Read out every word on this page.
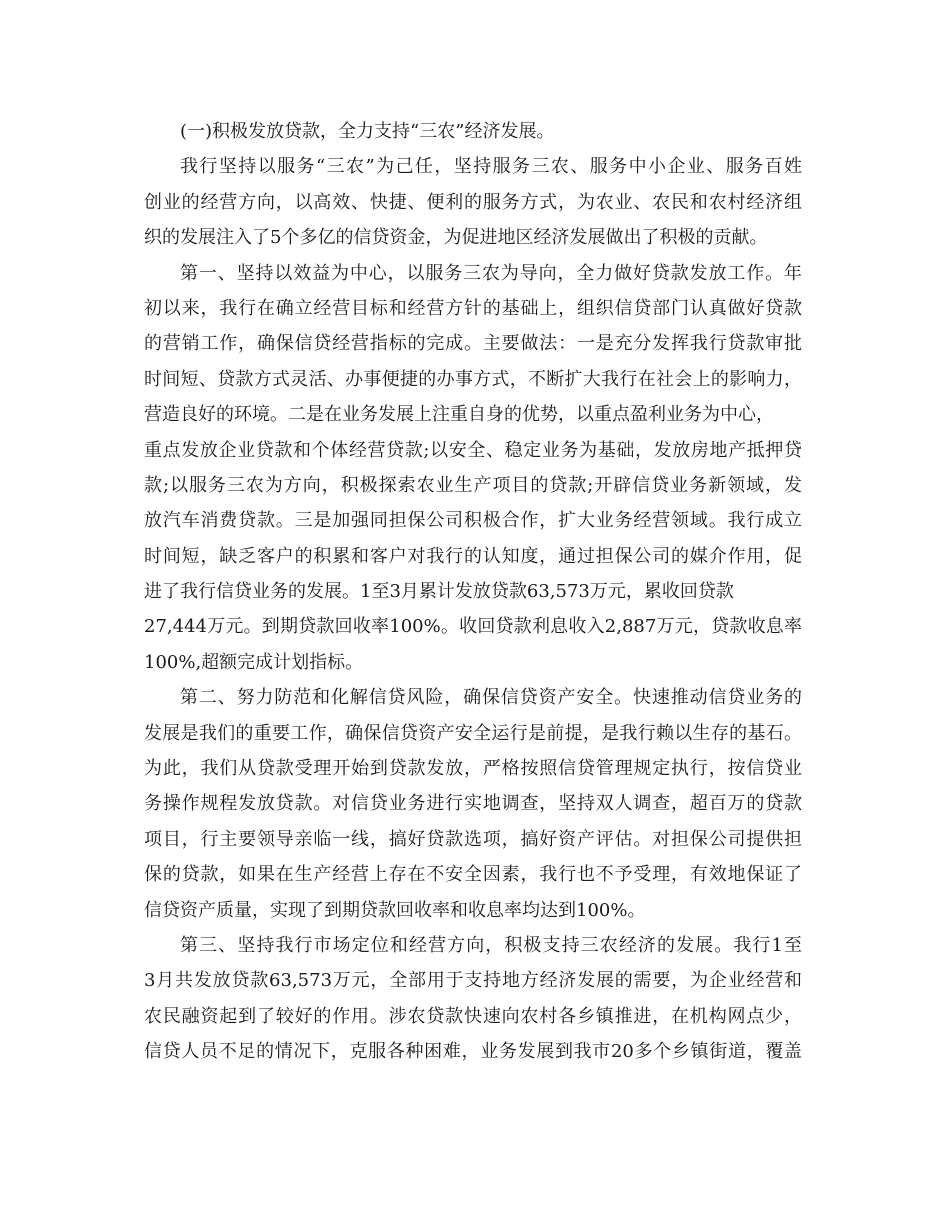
(一)积极发放贷款，全力支持“三农”经济发展。
我行坚持以服务“三农”为己任，坚持服务三农、服务中小企业、服务百姓
创业的经营方向，以高效、快捷、便利的服务方式，为农业、农民和农村经济组
织的发展注入了5个多亿的信贷资金，为促进地区经济发展做出了积极的贡献。
第一、坚持以效益为中心，以服务三农为导向，全力做好贷款发放工作。年
初以来，我行在确立经营目标和经营方针的基础上，组织信贷部门认真做好贷款
的营销工作，确保信贷经营指标的完成。主要做法：一是充分发挥我行贷款审批
时间短、贷款方式灵活、办事便捷的办事方式，不断扩大我行在社会上的影响力，
营造良好的环境。二是在业务发展上注重自身的优势，以重点盈利业务为中心，
重点发放企业贷款和个体经营贷款;以安全、稳定业务为基础，发放房地产抵押贷
款;以服务三农为方向，积极探索农业生产项目的贷款;开辟信贷业务新领域，发
放汽车消费贷款。三是加强同担保公司积极合作，扩大业务经营领域。我行成立
时间短，缺乏客户的积累和客户对我行的认知度，通过担保公司的媒介作用，促
进了我行信贷业务的发展。1至3月累计发放贷款63,573万元，累收回贷款
27,444万元。到期贷款回收率100%。收回贷款利息收入2,887万元，贷款收息率
100%,超额完成计划指标。
第二、努力防范和化解信贷风险，确保信贷资产安全。快速推动信贷业务的
发展是我们的重要工作，确保信贷资产安全运行是前提，是我行赖以生存的基石。
为此，我们从贷款受理开始到贷款发放，严格按照信贷管理规定执行，按信贷业
务操作规程发放贷款。对信贷业务进行实地调查，坚持双人调查，超百万的贷款
项目，行主要领导亲临一线，搞好贷款选项，搞好资产评估。对担保公司提供担
保的贷款，如果在生产经营上存在不安全因素，我行也不予受理，有效地保证了
信贷资产质量，实现了到期贷款回收率和收息率均达到100%。
第三、坚持我行市场定位和经营方向，积极支持三农经济的发展。我行1至
3月共发放贷款63,573万元，全部用于支持地方经济发展的需要，为企业经营和
农民融资起到了较好的作用。涉农贷款快速向农村各乡镇推进，在机构网点少，
信贷人员不足的情况下，克服各种困难，业务发展到我市20多个乡镇街道，覆盖
